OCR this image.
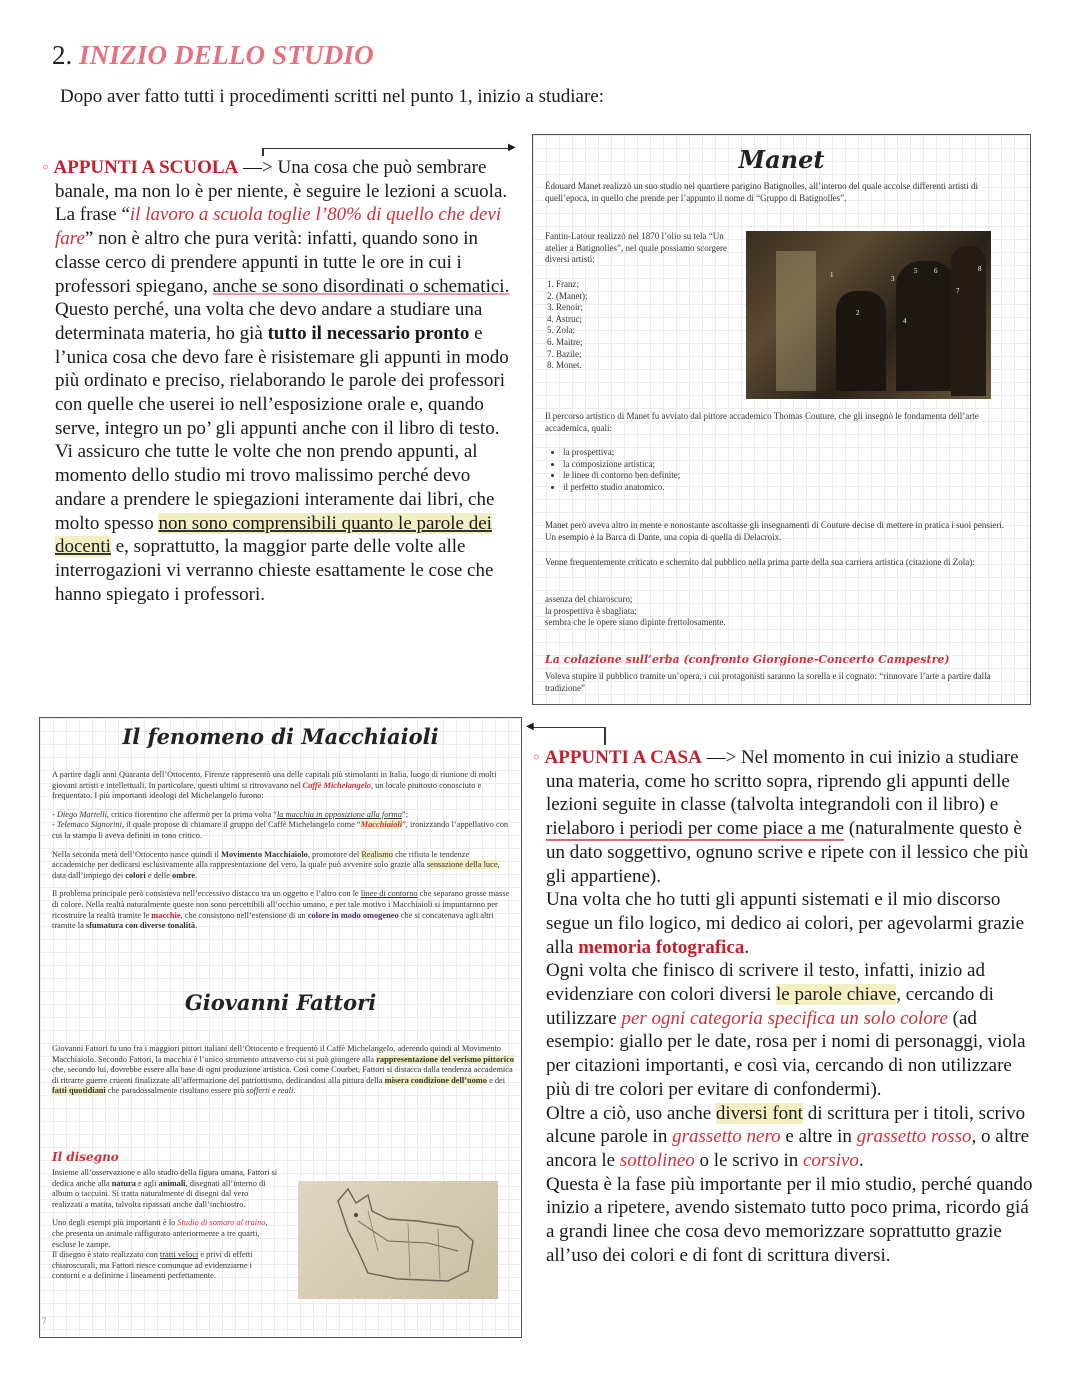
2. INIZIO DELLO STUDIO
Dopo aver fatto tutti i procedimenti scritti nel punto 1, inizio a studiare:
▶
◦ APPUNTI A SCUOLA —> Una cosa che può sembrare banale, ma non lo è per niente, è seguire le lezioni a scuola.
La frase “il lavoro a scuola toglie l’80% di quello che devi fare” non è altro che pura verità: infatti, quando sono in classe cerco di prendere appunti in tutte le ore in cui i professori spiegano, anche se sono disordinati o schematici.
Questo perché, una volta che devo andare a studiare una determinata materia, ho già tutto il necessario pronto e l’unica cosa che devo fare è risistemare gli appunti in modo più ordinato e preciso, rielaborando le parole dei professori con quelle che userei io nell’esposizione orale e, quando serve, integro un po’ gli appunti anche con il libro di testo.
Vi assicuro che tutte le volte che non prendo appunti, al momento dello studio mi trovo malissimo perché devo andare a prendere le spiegazioni interamente dai libri, che molto spesso non sono comprensibili quanto le parole dei docenti e, soprattutto, la maggior parte delle volte alle interrogazioni vi verranno chieste esattamente le cose che hanno spiegato i professori.
Manet
Édouard Manet realizzò un suo studio nel quartiere parigino Batignolles, all’interno del quale accolse differenti artisti di quell’epoca, in quello che prende per l’appunto il nome di “Gruppo di Batignolles”.
Fantin-Latour realizzò nel 1870 l’olio su tela “Un atelier a Batignolles”, nel quale possiamo scorgere diversi artisti:
1. Franz;
2. (Manet);
3. Renoir;
4. Astruc;
5. Zola;
6. Maitre;
7. Bazile;
8. Monet.
1
2
3
4
5 6
7
8
Il percorso artistico di Manet fu avviato dal pittore accademico Thomas Couture, che gli insegnò le fondamenta dell’arte accademica, quali:
• la prospettiva;
• la composizione artistica;
• le linee di contorno ben definite;
• il perfetto studio anatomico.
Manet però aveva altro in mente e nonostante ascoltasse gli insegnamenti di Couture decise di mettere in pratica i suoi pensieri. Un esempio è la Barca di Dante, una copia di quella di Delacroix.
Venne frequentemente criticato e schernito dal pubblico nella prima parte della sua carriera artistica (citazione di Zola):
assenza del chiaroscuro;
la prospettiva è sbagliata;
sembra che le opere siano dipinte frettolosamente.
La colazione sull’erba (confronto Giorgione-Concerto Campestre)
Voleva stupire il pubblico tramite un’opera, i cui protagonisti saranno la sorella e il cognato: “rinnovare l’arte a partire dalla tradizione”
◀
Il fenomeno di Macchiaioli
A partire dagli anni Quaranta dell’Ottocento, Firenze rappresentò una delle capitali più stimolanti in Italia, luogo di riunione di molti giovani artisti e intellettuali. In particolare, questi ultimi si ritrovavano nel Caffè Michelangelo, un locale piuttosto conosciuto e frequentato. I più importanti ideologi del Michelangelo furono:
- Diego Martelli, critico fiorentino che affermò per la prima volta “la macchia in opposizione alla forma”;
- Telemaco Signorini, il quale propose di chiamare il gruppo del Caffè Michelangelo come “Macchiaioli”, ironizzando l’appellativo con cui la stampa li aveva definiti in tono critico.
Nella seconda metà dell’Ottocento nasce quindi il Movimento Macchiaiolo, promotore del Realismo che rifiuta le tendenze accademiche per dedicarsi esclusivamente alla rappresentazione del vero, la quale può avvenire solo grazie alla sensazione della luce, data dall’impiego dei colori e delle ombre.
Il problema principale però consisteva nell’eccessivo distacco tra un oggetto e l’altro con le linee di contorno che separano grosse masse di colore. Nella realtà naturalmente queste non sono percettibili all’occhio umano, e per tale motivo i Macchiaioli si impuntarono per ricostruire la realtà tramite le macchie, che consistono nell’estensione di un colore in modo omogeneo che si concatenava agli altri tramite la sfumatura con diverse tonalità.
Giovanni Fattori
Giovanni Fattori fu uno fra i maggiori pittori italiani dell’Ottocento e frequentò il Caffè Michelangelo, aderendo quindi al Movimento Macchiaiolo. Secondo Fattori, la macchia è l’unico strumento attraverso cui si può giungere alla rappresentazione del verismo pittorico che, secondo lui, dovrebbe essere alla base di ogni produzione artistica. Così come Courbet, Fattori si distacca dalla tendenza accademica di ritrarre guerre cruenti finalizzate all’affermazione del patriottismo, dedicandosi alla pittura della misera condizione dell’uomo e dei fatti quotidiani che paradossalmente risultano essere più sofferti e reali.
Il disegno
Insieme all’osservazione e allo studio della figura umana, Fattori si dedica anche alla natura e agli animali, disegnati all’interno di album o taccuini. Si tratta naturalmente di disegni dal vero realizzati a matita, talvolta ripassati anche dall’inchiostro.
Uno degli esempi più importanti è lo Studio di somaro al traino, che presenta un animale raffigurato anteriormente a tre quarti, escluse le zampe.
Il disegno è stato realizzato con tratti veloci e privi di effetti chiaroscurali, ma Fattori riesce comunque ad evidenziarne i contorni e a definirne i lineamenti perfettamente.
7
◦ APPUNTI A CASA —> Nel momento in cui inizio a studiare una materia, come ho scritto sopra, riprendo gli appunti delle lezioni seguite in classe (talvolta integrandoli con il libro) e rielaboro i periodi per come piace a me (naturalmente questo è un dato soggettivo, ognuno scrive e ripete con il lessico che più gli appartiene).
Una volta che ho tutti gli appunti sistemati e il mio discorso segue un filo logico, mi dedico ai colori, per agevolarmi grazie alla memoria fotografica.
Ogni volta che finisco di scrivere il testo, infatti, inizio ad evidenziare con colori diversi le parole chiave, cercando di utilizzare per ogni categoria specifica un solo colore (ad esempio: giallo per le date, rosa per i nomi di personaggi, viola per citazioni importanti, e così via, cercando di non utilizzare più di tre colori per evitare di confondermi).
Oltre a ciò, uso anche diversi font di scrittura per i titoli, scrivo alcune parole in grassetto nero e altre in grassetto rosso, o altre ancora le sottolineo o le scrivo in corsivo.
Questa è la fase più importante per il mio studio, perché quando inizio a ripetere, avendo sistemato tutto poco prima, ricordo giá a grandi linee che cosa devo memorizzare soprattutto grazie all’uso dei colori e di font di scrittura diversi.
